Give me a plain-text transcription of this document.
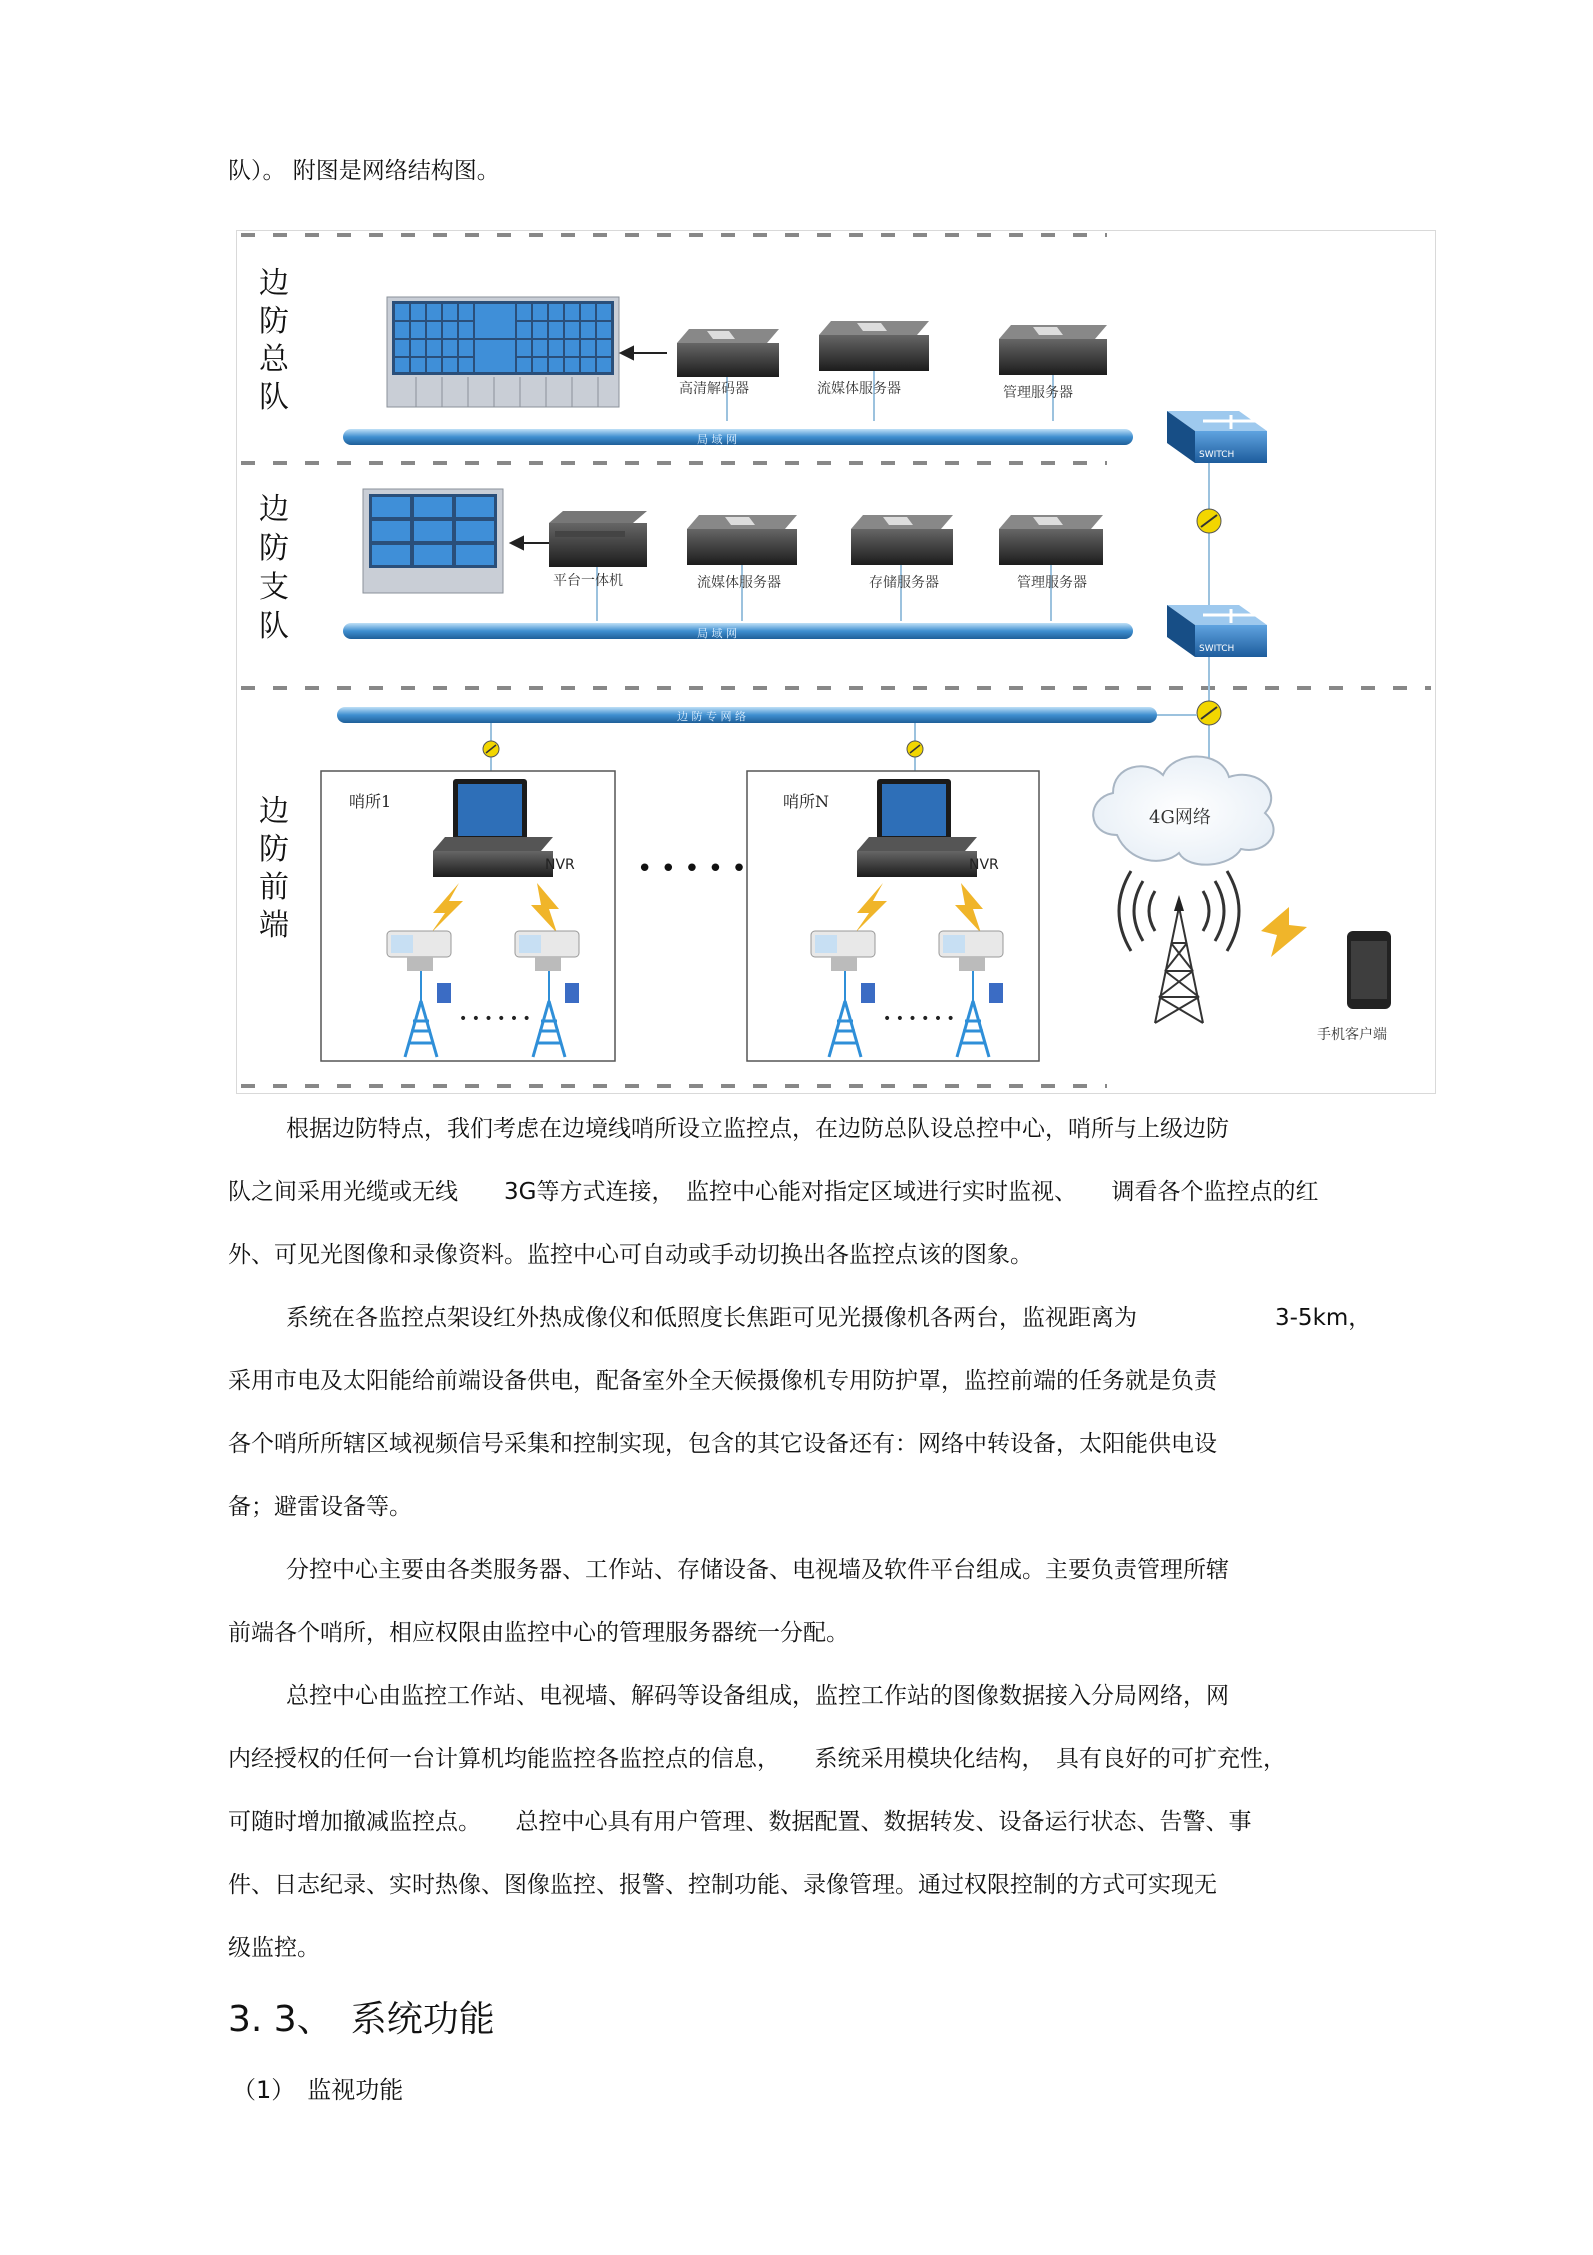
队）。 附图是网络结构图。
边防总队
边防支队
边防前端
高清解码器	流媒体服务器	管理服务器
局 域 网
SWITCH
平台一体机	流媒体服务器	存储服务器	管理服务器
局 域 网
SWITCH
边 防 专 网 络
哨所1
NVR
• • • • • •
• • • • •
哨所N
NVR
• • • • • •
4G网络
手机客户端
根据边防特点，我们考虑在边境线哨所设立监控点，在边防总队设总控中心，哨所与上级边防
队之间采用光缆或无线　　3G等方式连接，　监控中心能对指定区域进行实时监视、　　调看各个监控点的红
外、可见光图像和录像资料。监控中心可自动或手动切换出各监控点该的图象。
系统在各监控点架设红外热成像仪和低照度长焦距可见光摄像机各两台，监视距离为　　　　　　3-5km，
采用市电及太阳能给前端设备供电，配备室外全天候摄像机专用防护罩，监控前端的任务就是负责
各个哨所所辖区域视频信号采集和控制实现，包含的其它设备还有：网络中转设备，太阳能供电设
备；避雷设备等。
分控中心主要由各类服务器、工作站、存储设备、电视墙及软件平台组成。主要负责管理所辖
前端各个哨所，相应权限由监控中心的管理服务器统一分配。
总控中心由监控工作站、电视墙、解码等设备组成，监控工作站的图像数据接入分局网络，网
内经授权的任何一台计算机均能监控各监控点的信息，　　系统采用模块化结构，　具有良好的可扩充性，
可随时增加撤减监控点。　　总控中心具有用户管理、数据配置、数据转发、设备运行状态、告警、事
件、日志纪录、实时热像、图像监控、报警、控制功能、录像管理。通过权限控制的方式可实现无
级监控。
3. 3、　系统功能
（1）　监视功能
